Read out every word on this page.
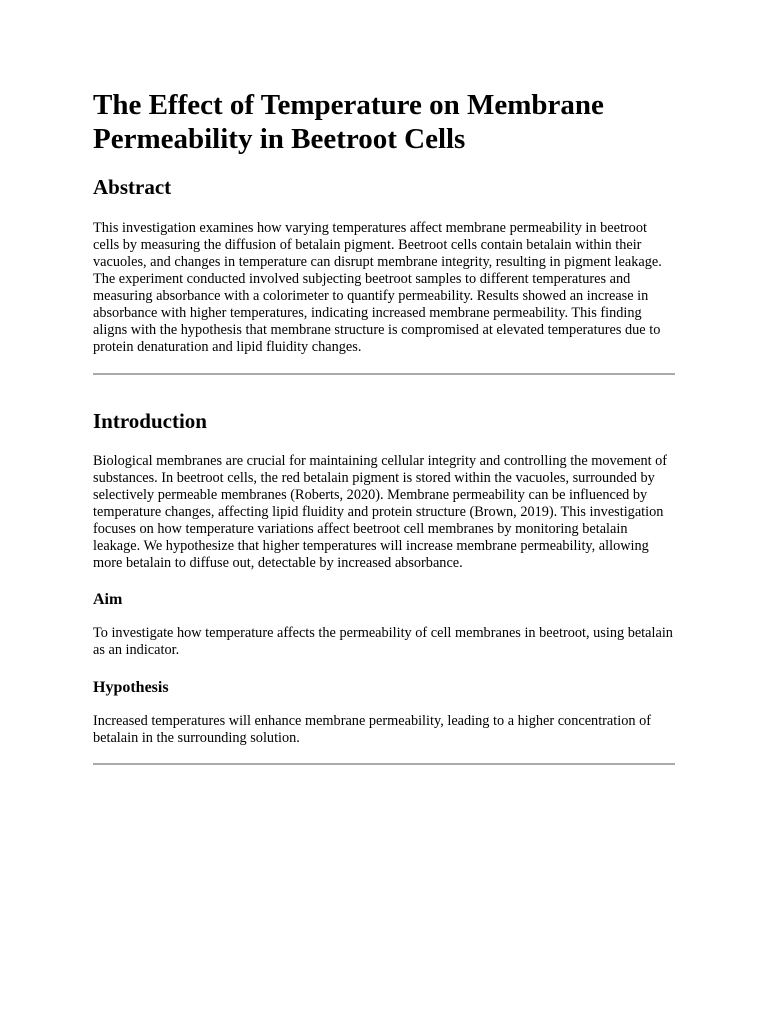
The Effect of Temperature on Membrane Permeability in Beetroot Cells
Abstract

This investigation examines how varying temperatures affect membrane permeability in beetroot cells by measuring the diffusion of betalain pigment. Beetroot cells contain betalain within their vacuoles, and changes in temperature can disrupt membrane integrity, resulting in pigment leakage. The experiment conducted involved subjecting beetroot samples to different temperatures and measuring absorbance with a colorimeter to quantify permeability. Results showed an increase in absorbance with higher temperatures, indicating increased membrane permeability. This finding aligns with the hypothesis that membrane structure is compromised at elevated temperatures due to protein denaturation and lipid fluidity changes.

Introduction

Biological membranes are crucial for maintaining cellular integrity and controlling the movement of substances. In beetroot cells, the red betalain pigment is stored within the vacuoles, surrounded by selectively permeable membranes (Roberts, 2020). Membrane permeability can be influenced by temperature changes, affecting lipid fluidity and protein structure (Brown, 2019). This investigation focuses on how temperature variations affect beetroot cell membranes by monitoring betalain leakage. We hypothesize that higher temperatures will increase membrane permeability, allowing more betalain to diffuse out, detectable by increased absorbance.

Aim

To investigate how temperature affects the permeability of cell membranes in beetroot, using betalain as an indicator.

Hypothesis

Increased temperatures will enhance membrane permeability, leading to a higher concentration of betalain in the surrounding solution.
